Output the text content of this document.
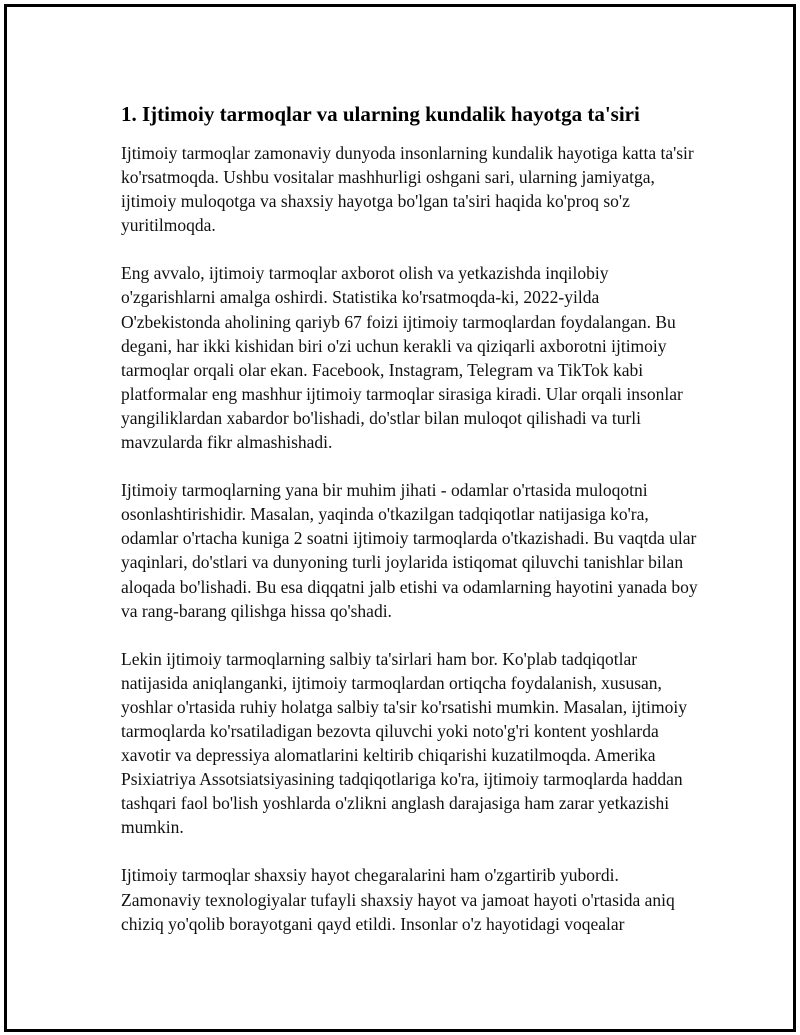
1. Ijtimoiy tarmoqlar va ularning kundalik hayotga ta'siri

Ijtimoiy tarmoqlar zamonaviy dunyoda insonlarning kundalik hayotiga katta ta'sir ko'rsatmoqda. Ushbu vositalar mashhurligi oshgani sari, ularning jamiyatga, ijtimoiy muloqotga va shaxsiy hayotga bo'lgan ta'siri haqida ko'proq so'z yuritilmoqda.

Eng avvalo, ijtimoiy tarmoqlar axborot olish va yetkazishda inqilobiy o'zgarishlarni amalga oshirdi. Statistika ko'rsatmoqda-ki, 2022-yilda O'zbekistonda aholining qariyb 67 foizi ijtimoiy tarmoqlardan foydalangan. Bu degani, har ikki kishidan biri o'zi uchun kerakli va qiziqarli axborotni ijtimoiy tarmoqlar orqali olar ekan. Facebook, Instagram, Telegram va TikTok kabi platformalar eng mashhur ijtimoiy tarmoqlar sirasiga kiradi. Ular orqali insonlar yangiliklardan xabardor bo'lishadi, do'stlar bilan muloqot qilishadi va turli mavzularda fikr almashishadi.

Ijtimoiy tarmoqlarning yana bir muhim jihati - odamlar o'rtasida muloqotni osonlashtirishidir. Masalan, yaqinda o'tkazilgan tadqiqotlar natijasiga ko'ra, odamlar o'rtacha kuniga 2 soatni ijtimoiy tarmoqlarda o'tkazishadi. Bu vaqtda ular yaqinlari, do'stlari va dunyoning turli joylarida istiqomat qiluvchi tanishlar bilan aloqada bo'lishadi. Bu esa diqqatni jalb etishi va odamlarning hayotini yanada boy va rang-barang qilishga hissa qo'shadi.

Lekin ijtimoiy tarmoqlarning salbiy ta'sirlari ham bor. Ko'plab tadqiqotlar natijasida aniqlanganki, ijtimoiy tarmoqlardan ortiqcha foydalanish, xususan, yoshlar o'rtasida ruhiy holatga salbiy ta'sir ko'rsatishi mumkin. Masalan, ijtimoiy tarmoqlarda ko'rsatiladigan bezovta qiluvchi yoki noto'g'ri kontent yoshlarda xavotir va depressiya alomatlarini keltirib chiqarishi kuzatilmoqda. Amerika Psixiatriya Assotsiatsiyasining tadqiqotlariga ko'ra, ijtimoiy tarmoqlarda haddan tashqari faol bo'lish yoshlarda o'zlikni anglash darajasiga ham zarar yetkazishi mumkin.

Ijtimoiy tarmoqlar shaxsiy hayot chegaralarini ham o'zgartirib yubordi. Zamonaviy texnologiyalar tufayli shaxsiy hayot va jamoat hayoti o'rtasida aniq chiziq yo'qolib borayotgani qayd etildi. Insonlar o'z hayotidagi voqealar
